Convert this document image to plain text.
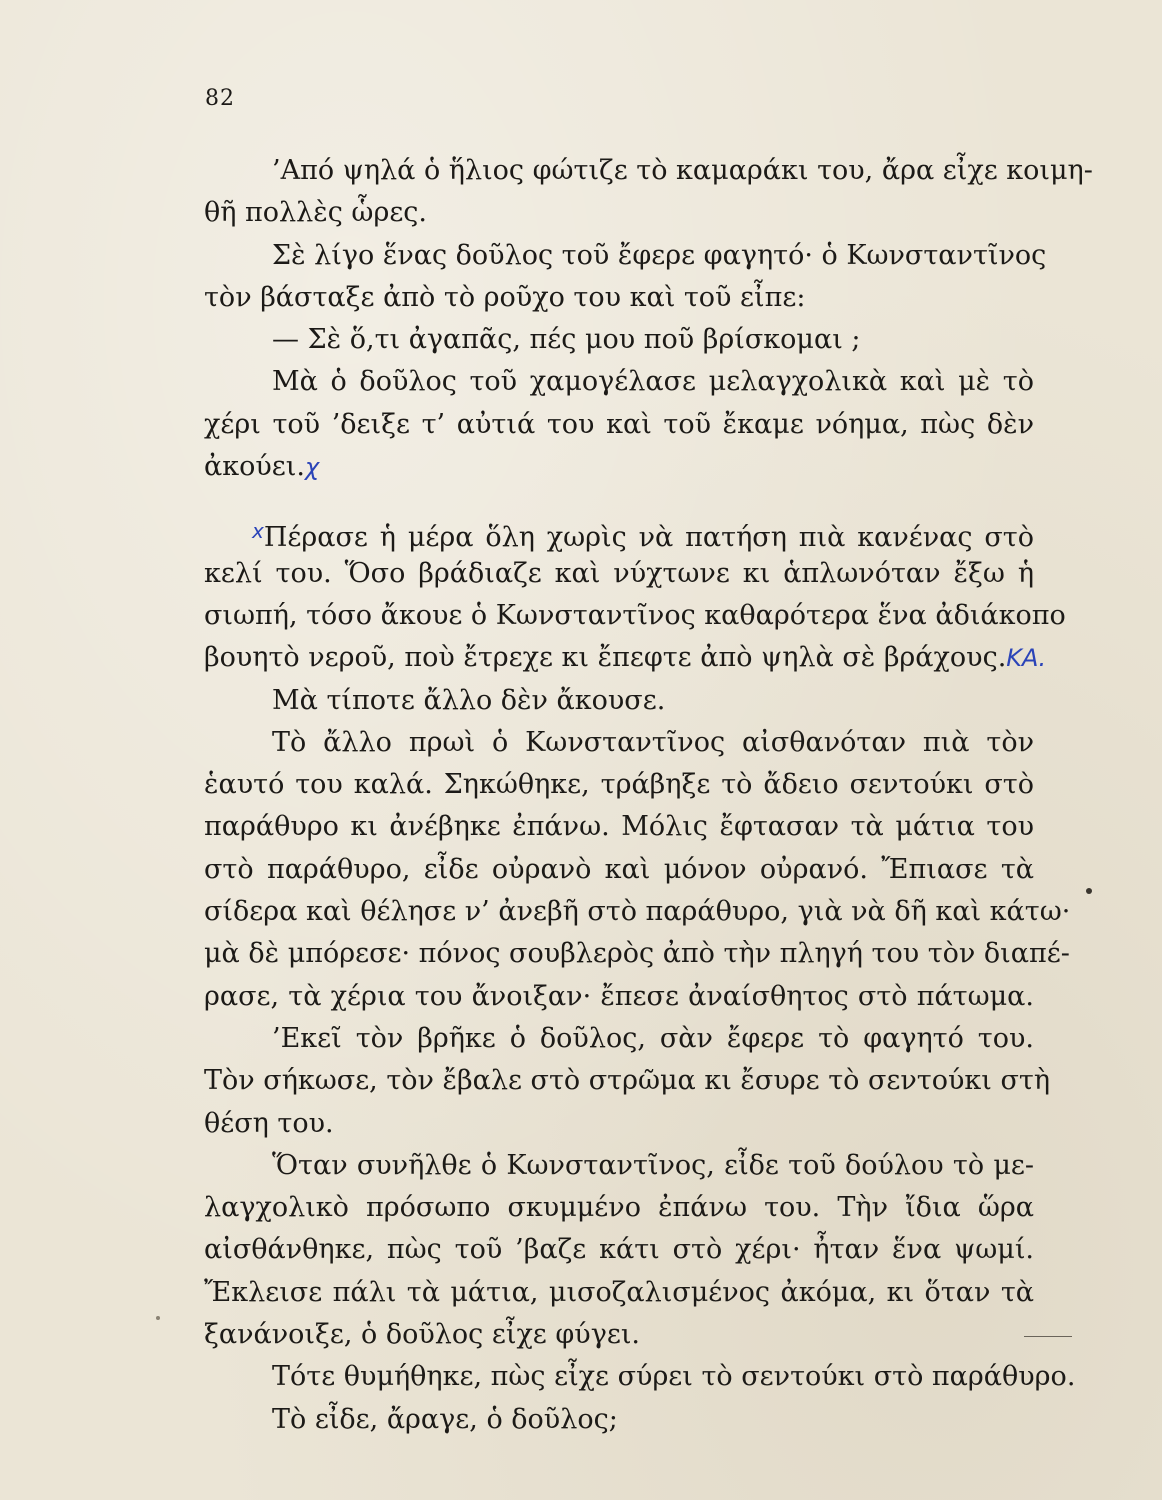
82
’Από ψηλά ὁ ἥλιος φώτιζε τὸ καμαράκι του, ἄρα εἶχε κοιμη-
θῆ πολλὲς ὧρες.
Σὲ λίγο ἕνας δοῦλος τοῦ ἔφερε φαγητό· ὁ Κωνσταντῖνος
τὸν βάσταξε ἀπὸ τὸ ροῦχο του καὶ τοῦ εἶπε:
— Σὲ ὅ,τι ἀγαπᾶς, πές μου ποῦ βρίσκομαι ;
Μὰ ὁ δοῦλος τοῦ χαμογέλασε μελαγχολικὰ καὶ μὲ τὸ
χέρι τοῦ ’δειξε τ’ αὐτιά του καὶ τοῦ ἔκαμε νόημα, πὼς δὲν
ἀκούει.χ
$^x$Πέρασε ἡ μέρα ὅλη χωρὶς νὰ πατήση πιὰ κανένας στὸ
κελί του. Ὅσο βράδιαζε καὶ νύχτωνε κι ἁπλωνόταν ἔξω ἡ
σιωπή, τόσο ἄκουε ὁ Κωνσταντῖνος καθαρότερα ἕνα ἀδιάκοπο
βουητὸ νεροῦ, ποὺ ἔτρεχε κι ἔπεφτε ἀπὸ ψηλὰ σὲ βράχους.ΚΑ.
Μὰ τίποτε ἄλλο δὲν ἄκουσε.
Τὸ ἄλλο πρωὶ ὁ Κωνσταντῖνος αἰσθανόταν πιὰ τὸν
ἑαυτό του καλά. Σηκώθηκε, τράβηξε τὸ ἄδειο σεντούκι στὸ
παράθυρο κι ἀνέβηκε ἐπάνω. Μόλις ἔφτασαν τὰ μάτια του
στὸ παράθυρο, εἶδε οὐρανὸ καὶ μόνον οὐρανό. Ἔπιασε τὰ
σίδερα καὶ θέλησε ν’ ἀνεβῆ στὸ παράθυρο, γιὰ νὰ δῆ καὶ κάτω·
μὰ δὲ μπόρεσε· πόνος σουβλερὸς ἀπὸ τὴν πληγή του τὸν διαπέ-
ρασε, τὰ χέρια του ἄνοιξαν· ἔπεσε ἀναίσθητος στὸ πάτωμα.
’Εκεῖ τὸν βρῆκε ὁ δοῦλος, σὰν ἔφερε τὸ φαγητό του.
Τὸν σήκωσε, τὸν ἔβαλε στὸ στρῶμα κι ἔσυρε τὸ σεντούκι στὴ
θέση του.
Ὅταν συνῆλθε ὁ Κωνσταντῖνος, εἶδε τοῦ δούλου τὸ με-
λαγχολικὸ πρόσωπο σκυμμένο ἐπάνω του. Τὴν ἴδια ὥρα
αἰσθάνθηκε, πὼς τοῦ ’βαζε κάτι στὸ χέρι· ἦταν ἕνα ψωμί.
Ἔκλεισε πάλι τὰ μάτια, μισοζαλισμένος ἀκόμα, κι ὅταν τὰ
ξανάνοιξε, ὁ δοῦλος εἶχε φύγει.
Τότε θυμήθηκε, πὼς εἶχε σύρει τὸ σεντούκι στὸ παράθυρο.
Τὸ εἶδε, ἄραγε, ὁ δοῦλος;
